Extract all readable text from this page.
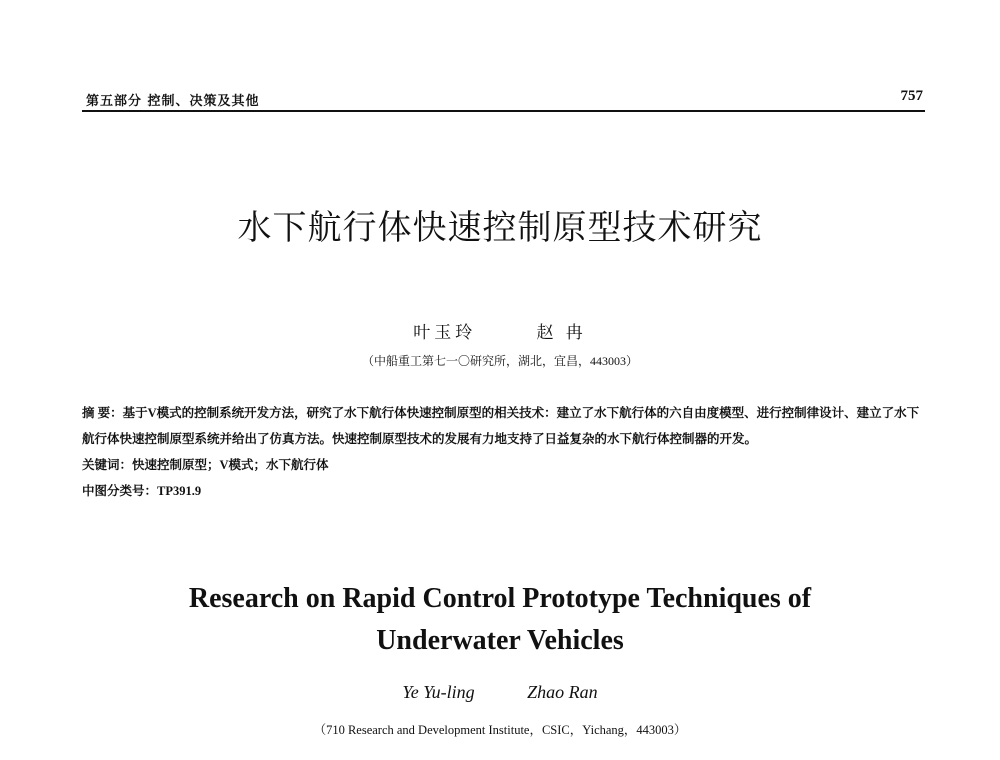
第五部分 控制、决策及其他	757
水下航行体快速控制原型技术研究
叶玉玲	赵 冉
（中船重工第七一〇研究所，湖北，宜昌，443003）

摘 要：基于V模式的控制系统开发方法，研究了水下航行体快速控制原型的相关技术：建立了水下航行体的六自由度模型、进行控制律设计、建立了水下航行体快速控制原型系统并给出了仿真方法。快速控制原型技术的发展有力地支持了日益复杂的水下航行体控制器的开发。

关键词：快速控制原型；V模式；水下航行体

中图分类号：TP391.9

Research on Rapid Control Prototype Techniques of
Underwater Vehicles
Ye Yu-ling	Zhao Ran
（710 Research and Development Institute，CSIC，Yichang，443003）
